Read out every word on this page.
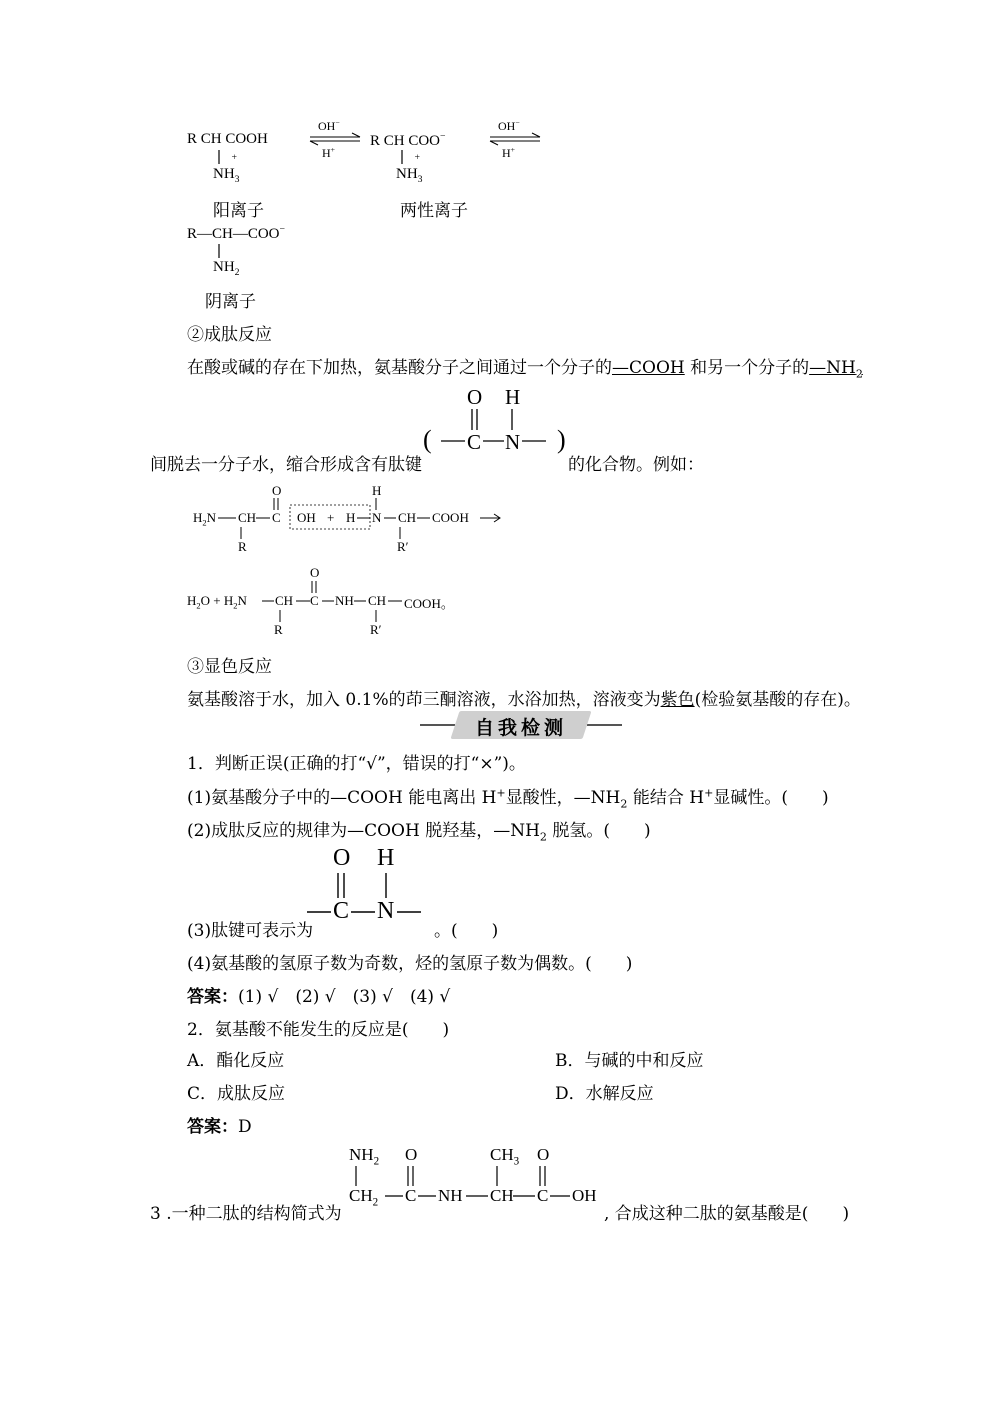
R CH COOH
$NH_3^+$
OH−
H+
R CH COO−
$NH_3^+$
OH−
H+
阳离子	两性离子
R—CH—COO−
$NH_2$
阴离子
②成肽反应
在酸或碱的存在下加热，氨基酸分子之间通过一个分子的—COOH 和另一个分子的$—NH_2$
间脱去一分子水，缩合形成含有肽键
(	)
O H
C N
的化合物。例如：
$H_2N$ CH C
O
OH + H
H
N CH COOH
R	R′
$H_2O + H_2N$ CH
O
C NH CH COOH。
R	R′
③显色反应
氨基酸溶于水，加入 0.1%的茚三酮溶液，水浴加热，溶液变为紫色(检验氨基酸的存在)。
自我检测
1．判断正误(正确的打“√”，错误的打“×”)。
(1)氨基酸分子中的—COOH 能电离出 H+显酸性，$—NH_2$ 能结合 H+显碱性。(　　)
(2)成肽反应的规律为—COOH 脱羟基，$—NH_2$ 脱氢。(　　)
(3)肽键可表示为
O H
C N
。(　　)
(4)氨基酸的氢原子数为奇数，烃的氢原子数为偶数。(　　)
答案：(1) √　(2) √　(3) √　(4) √
2．氨基酸不能发生的反应是(　　)
A．酯化反应	B．与碱的中和反应
C．成肽反应	D．水解反应
答案：D
3 .一种二肽的结构简式为
$NH_2$ O	$CH_3$ O
$CH_2$ C NH CH C OH
, 合成这种二肽的氨基酸是(　　)
